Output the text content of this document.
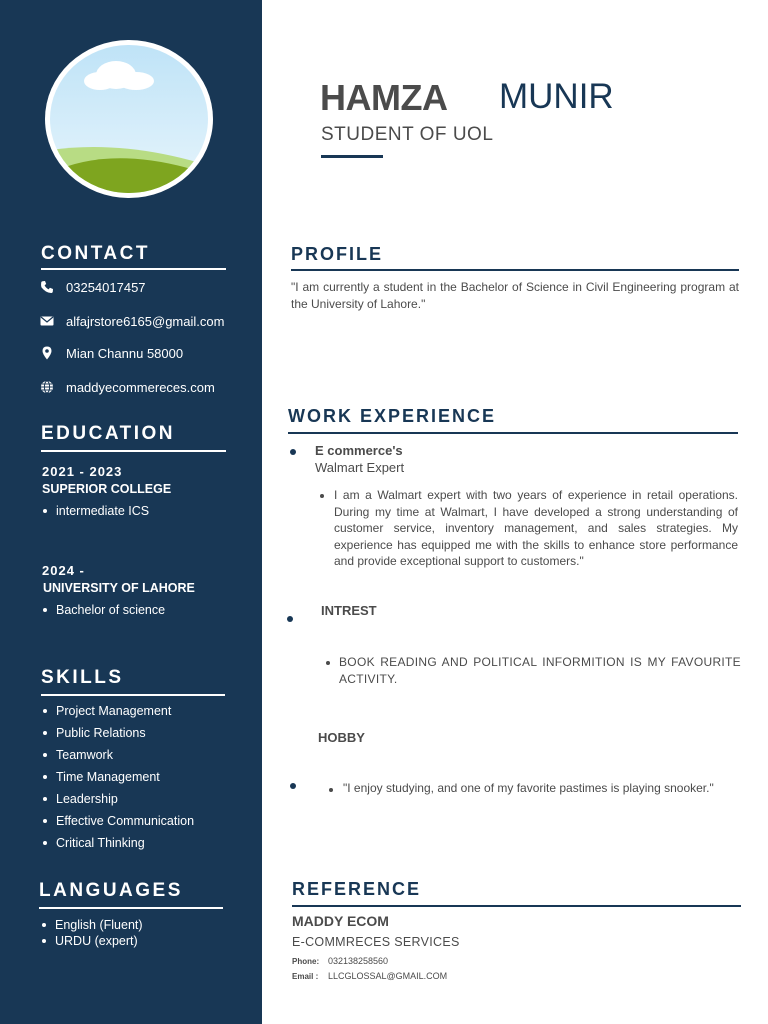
CONTACT
03254017457
alfajrstore6165@gmail.com
Mian Channu 58000
maddyecommereces.com
EDUCATION
2021 - 2023
SUPERIOR COLLEGE
intermediate ICS
2024 -
UNIVERSITY OF LAHORE
Bachelor of science
SKILLS
Project Management
Public Relations
Teamwork
Time Management
Leadership
Effective Communication
Critical Thinking
LANGUAGES
English (Fluent)
URDU (expert)
HAMZA MUNIR
STUDENT OF UOL
PROFILE
"I am currently a student in the Bachelor of Science in Civil Engineering program at the University of Lahore."
WORK EXPERIENCE
E commerce's
Walmart Expert
I am a Walmart expert with two years of experience in retail operations. During my time at Walmart, I have developed a strong understanding of customer service, inventory management, and sales strategies. My experience has equipped me with the skills to enhance store performance and provide exceptional support to customers."
INTREST
BOOK READING AND POLITICAL INFORMITION IS MY FAVOURITE ACTIVITY.
HOBBY
"I enjoy studying, and one of my favorite pastimes is playing snooker."
REFERENCE
MADDY ECOM
E-COMMRECES SERVICES
Phone: 032138258560
Email : LLCGLOSSAL@GMAIL.COM
